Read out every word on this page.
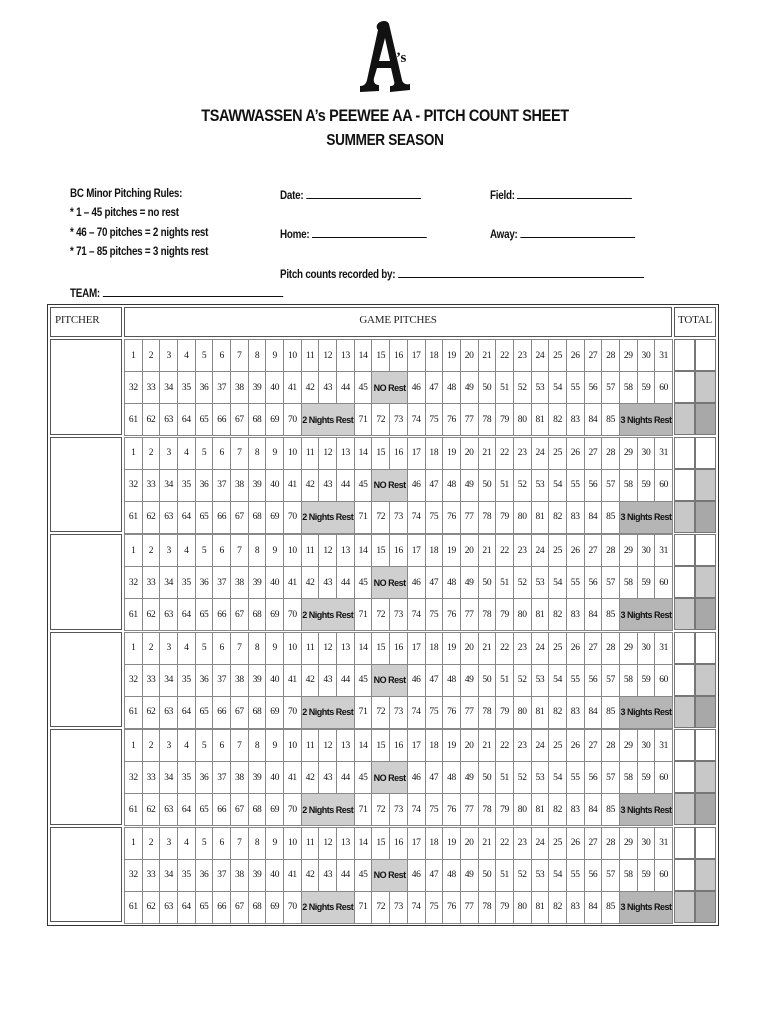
’s
TSAWWASSEN A’s PEEWEE AA - PITCH COUNT SHEET
SUMMER SEASON
BC Minor Pitching Rules:
* 1 – 45 pitches = no rest
* 46 – 70 pitches = 2 nights rest
* 71 – 85 pitches = 3 nights rest
Date:	Field:
Home:	Away:
Pitch counts recorded by:
TEAM:
PITCHER	GAME PITCHES	TOTAL
1	2	3	4	5	6	7	8	9	10 11 12 13 14 15 16 17 18 19 20 21 22 23 24 25 26 27 28 29 30 31
32 33 34 35 36 37 38 39 40 41 42 43 44 45 NO Rest 46 47 48 49 50 51 52 53 54 55 56 57 58 59 60
61 62 63 64 65 66 67 68 69 70 2 Nights Rest 71 72 73 74 75 76 77 78 79 80 81 82 83 84 85 3 Nights Rest
1	2	3	4	5	6	7	8	9	10 11 12 13 14 15 16 17 18 19 20 21 22 23 24 25 26 27 28 29 30 31
32 33 34 35 36 37 38 39 40 41 42 43 44 45 NO Rest 46 47 48 49 50 51 52 53 54 55 56 57 58 59 60
61 62 63 64 65 66 67 68 69 70 2 Nights Rest 71 72 73 74 75 76 77 78 79 80 81 82 83 84 85 3 Nights Rest
1	2	3	4	5	6	7	8	9	10 11 12 13 14 15 16 17 18 19 20 21 22 23 24 25 26 27 28 29 30 31
32 33 34 35 36 37 38 39 40 41 42 43 44 45 NO Rest 46 47 48 49 50 51 52 53 54 55 56 57 58 59 60
61 62 63 64 65 66 67 68 69 70 2 Nights Rest 71 72 73 74 75 76 77 78 79 80 81 82 83 84 85 3 Nights Rest
1	2	3	4	5	6	7	8	9	10 11 12 13 14 15 16 17 18 19 20 21 22 23 24 25 26 27 28 29 30 31
32 33 34 35 36 37 38 39 40 41 42 43 44 45 NO Rest 46 47 48 49 50 51 52 53 54 55 56 57 58 59 60
61 62 63 64 65 66 67 68 69 70 2 Nights Rest 71 72 73 74 75 76 77 78 79 80 81 82 83 84 85 3 Nights Rest
1	2	3	4	5	6	7	8	9	10 11 12 13 14 15 16 17 18 19 20 21 22 23 24 25 26 27 28 29 30 31
32 33 34 35 36 37 38 39 40 41 42 43 44 45 NO Rest 46 47 48 49 50 51 52 53 54 55 56 57 58 59 60
61 62 63 64 65 66 67 68 69 70 2 Nights Rest 71 72 73 74 75 76 77 78 79 80 81 82 83 84 85 3 Nights Rest
1	2	3	4	5	6	7	8	9	10 11 12 13 14 15 16 17 18 19 20 21 22 23 24 25 26 27 28 29 30 31
32 33 34 35 36 37 38 39 40 41 42 43 44 45 NO Rest 46 47 48 49 50 51 52 53 54 55 56 57 58 59 60
61 62 63 64 65 66 67 68 69 70 2 Nights Rest 71 72 73 74 75 76 77 78 79 80 81 82 83 84 85 3 Nights Rest
